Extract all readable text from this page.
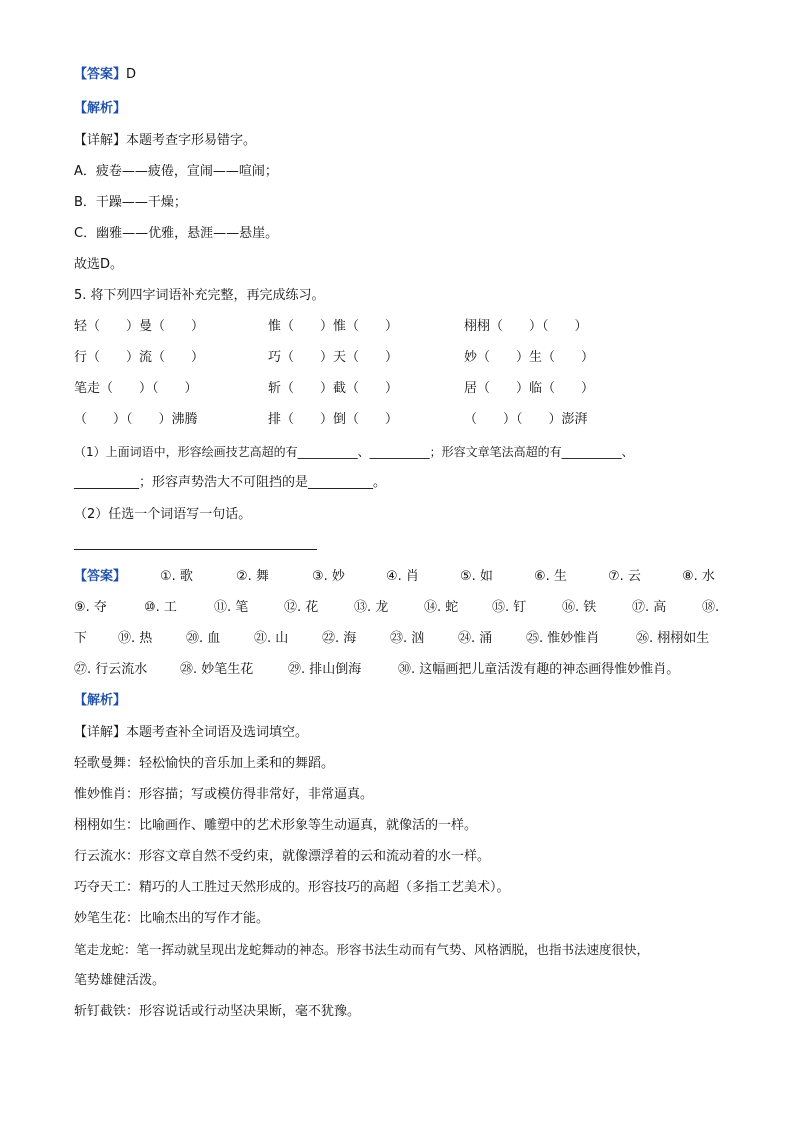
【答案】D
【解析】
【详解】本题考查字形易错字。
A．疲卷——疲倦，宣闹——喧闹；
B．干躁——干燥；
C．幽雅——优雅，悬涯——悬崖。
故选D。
5. 将下列四字词语补充完整，再完成练习。
轻（　　）曼（　　）	惟（　　）惟（　　）	栩栩（　　）（　　）
行（　　）流（　　）	巧（　　）天（　　）	妙（　　）生（　　）
笔走（　　）（　　）	斩（　　）截（　　）	居（　　）临（　　）
（　　）（　　）沸腾	排（　　）倒（　　）	（　　）（　　）澎湃
（1）上面词语中，形容绘画技艺高超的有__________、__________；形容文章笔法高超的有__________、
__________；形容声势浩大不可阻挡的是__________。
（2）任选一个词语写一句话。
【答案】	①. 歌	②. 舞	③. 妙	④. 肖	⑤. 如	⑥. 生	⑦. 云	⑧. 水
⑨. 夺	⑩. 工	⑪. 笔	⑫. 花	⑬. 龙	⑭. 蛇	⑮. 钉	⑯. 铁	⑰. 高	⑱.
下 ⑲. 热	⑳. 血	㉑. 山	㉒. 海	㉓. 汹	㉔. 涌	㉕. 惟妙惟肖	㉖. 栩栩如生
㉗. 行云流水	㉘. 妙笔生花	㉙. 排山倒海	㉚. 这幅画把儿童活泼有趣的神态画得惟妙惟肖。
【解析】
【详解】本题考查补全词语及选词填空。
轻歌曼舞：轻松愉快的音乐加上柔和的舞蹈。
惟妙惟肖：形容描；写或模仿得非常好，非常逼真。
栩栩如生：比喻画作、雕塑中的艺术形象等生动逼真，就像活的一样。
行云流水：形容文章自然不受约束，就像漂浮着的云和流动着的水一样。
巧夺天工：精巧的人工胜过天然形成的。形容技巧的高超（多指工艺美术）。
妙笔生花：比喻杰出的写作才能。
笔走龙蛇：笔一挥动就呈现出龙蛇舞动的神态。形容书法生动而有气势、风格洒脱，也指书法速度很快，
笔势雄健活泼。
斩钉截铁：形容说话或行动坚决果断，毫不犹豫。
